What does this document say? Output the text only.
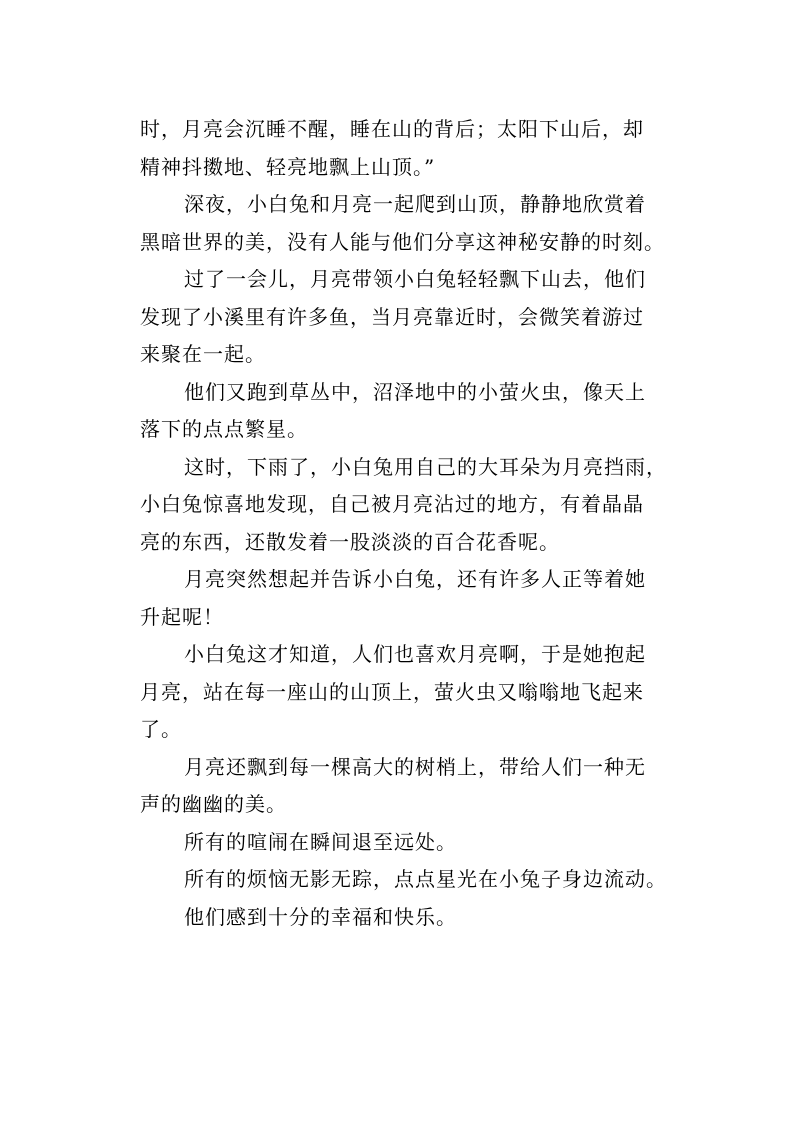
时，月亮会沉睡不醒，睡在山的背后；太阳下山后，却
精神抖擞地、轻亮地飘上山顶。”
深夜，小白兔和月亮一起爬到山顶，静静地欣赏着
黑暗世界的美，没有人能与他们分享这神秘安静的时刻。
过了一会儿，月亮带领小白兔轻轻飘下山去，他们
发现了小溪里有许多鱼，当月亮靠近时，会微笑着游过
来聚在一起。
他们又跑到草丛中，沼泽地中的小萤火虫，像天上
落下的点点繁星。
这时，下雨了，小白兔用自己的大耳朵为月亮挡雨，
小白兔惊喜地发现，自己被月亮沾过的地方，有着晶晶
亮的东西，还散发着一股淡淡的百合花香呢。
月亮突然想起并告诉小白兔，还有许多人正等着她
升起呢！
小白兔这才知道，人们也喜欢月亮啊，于是她抱起
月亮，站在每一座山的山顶上，萤火虫又嗡嗡地飞起来
了。
月亮还飘到每一棵高大的树梢上，带给人们一种无
声的幽幽的美。
所有的喧闹在瞬间退至远处。
所有的烦恼无影无踪，点点星光在小兔子身边流动。
他们感到十分的幸福和快乐。
